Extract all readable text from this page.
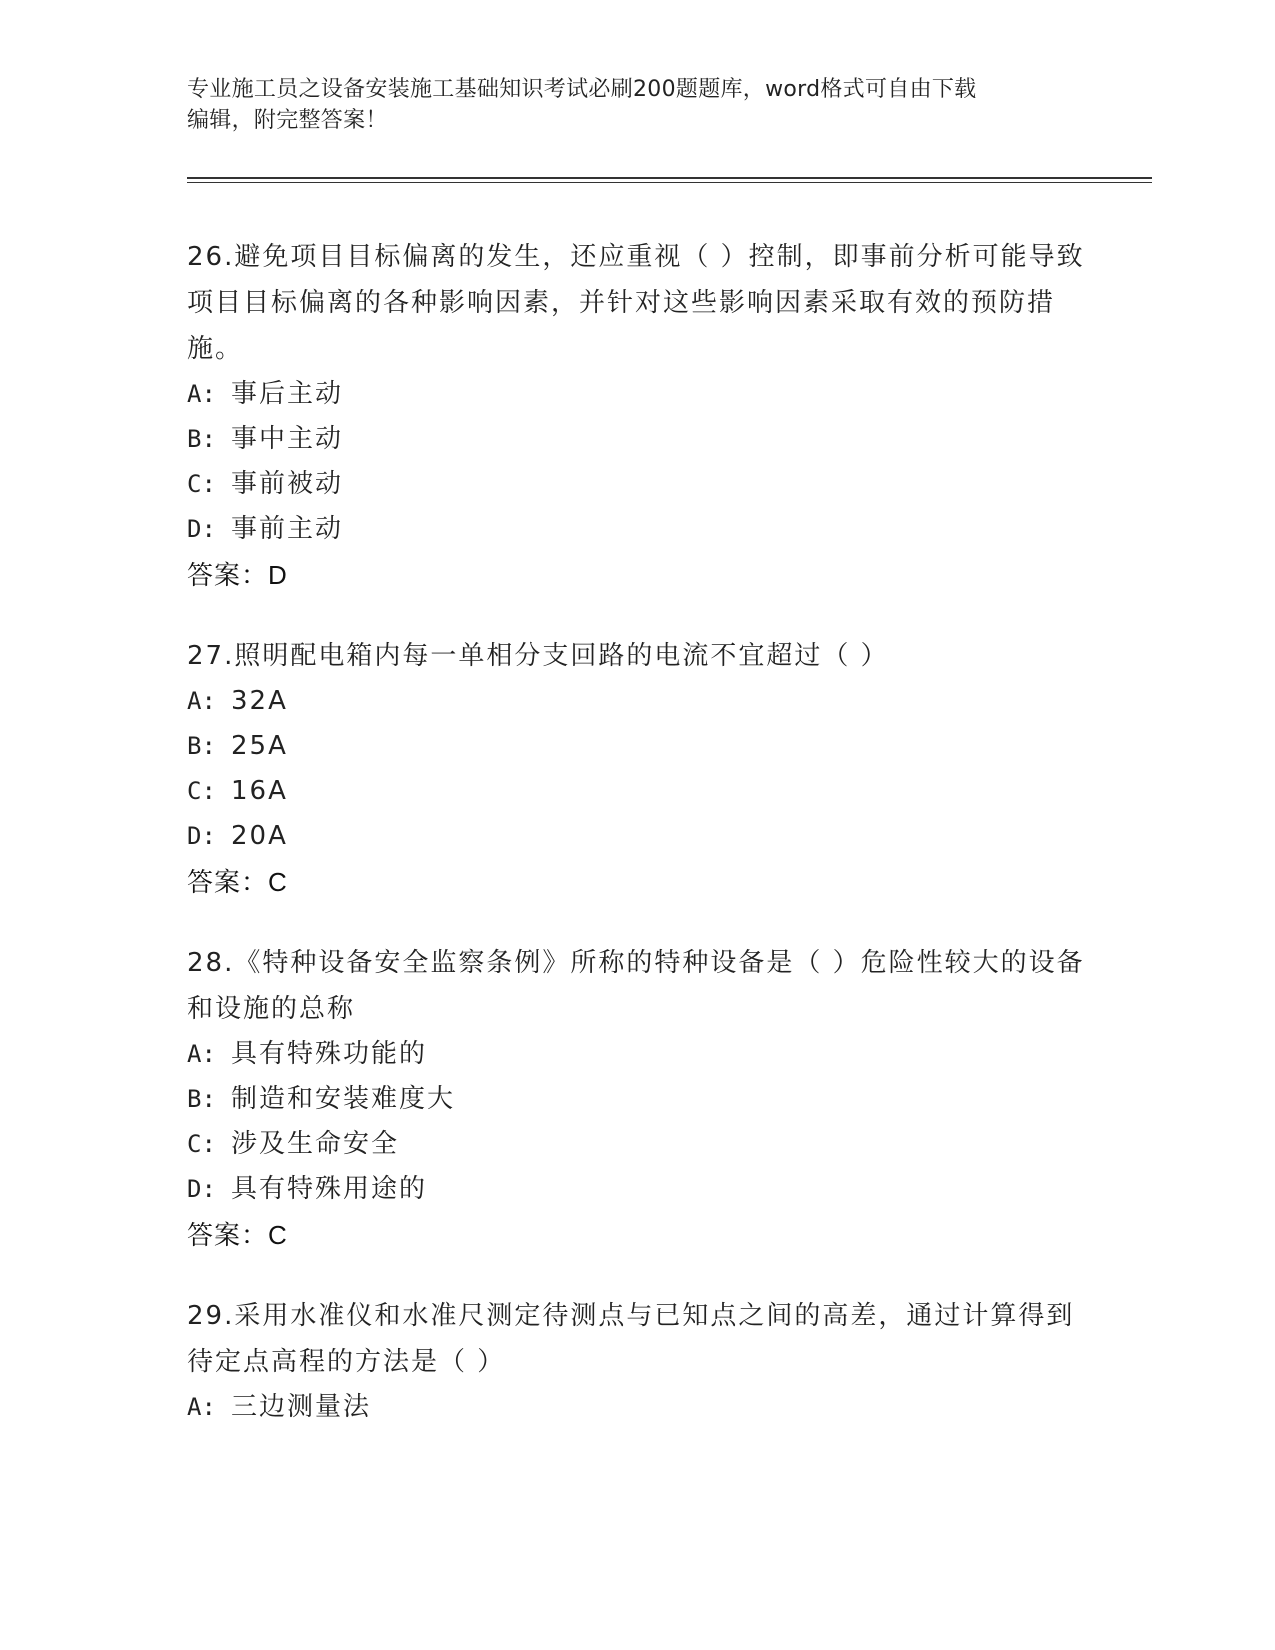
专业施工员之设备安装施工基础知识考试必刷200题题库，word格式可自由下载
编辑，附完整答案！

26.避免项目目标偏离的发生，还应重视（ ）控制，即事前分析可能导致项目目标偏离的各种影响因素，并针对这些影响因素采取有效的预防措施。

A: 事后主动
B: 事中主动
C: 事前被动
D: 事前主动
答案：D

27.照明配电箱内每一单相分支回路的电流不宜超过（ ）

A: 32A
B: 25A
C: 16A
D: 20A
答案：C

28.《特种设备安全监察条例》所称的特种设备是（ ）危险性较大的设备和设施的总称

A: 具有特殊功能的
B: 制造和安装难度大
C: 涉及生命安全
D: 具有特殊用途的
答案：C

29.采用水准仪和水准尺测定待测点与已知点之间的高差，通过计算得到待定点高程的方法是（ ）

A: 三边测量法
